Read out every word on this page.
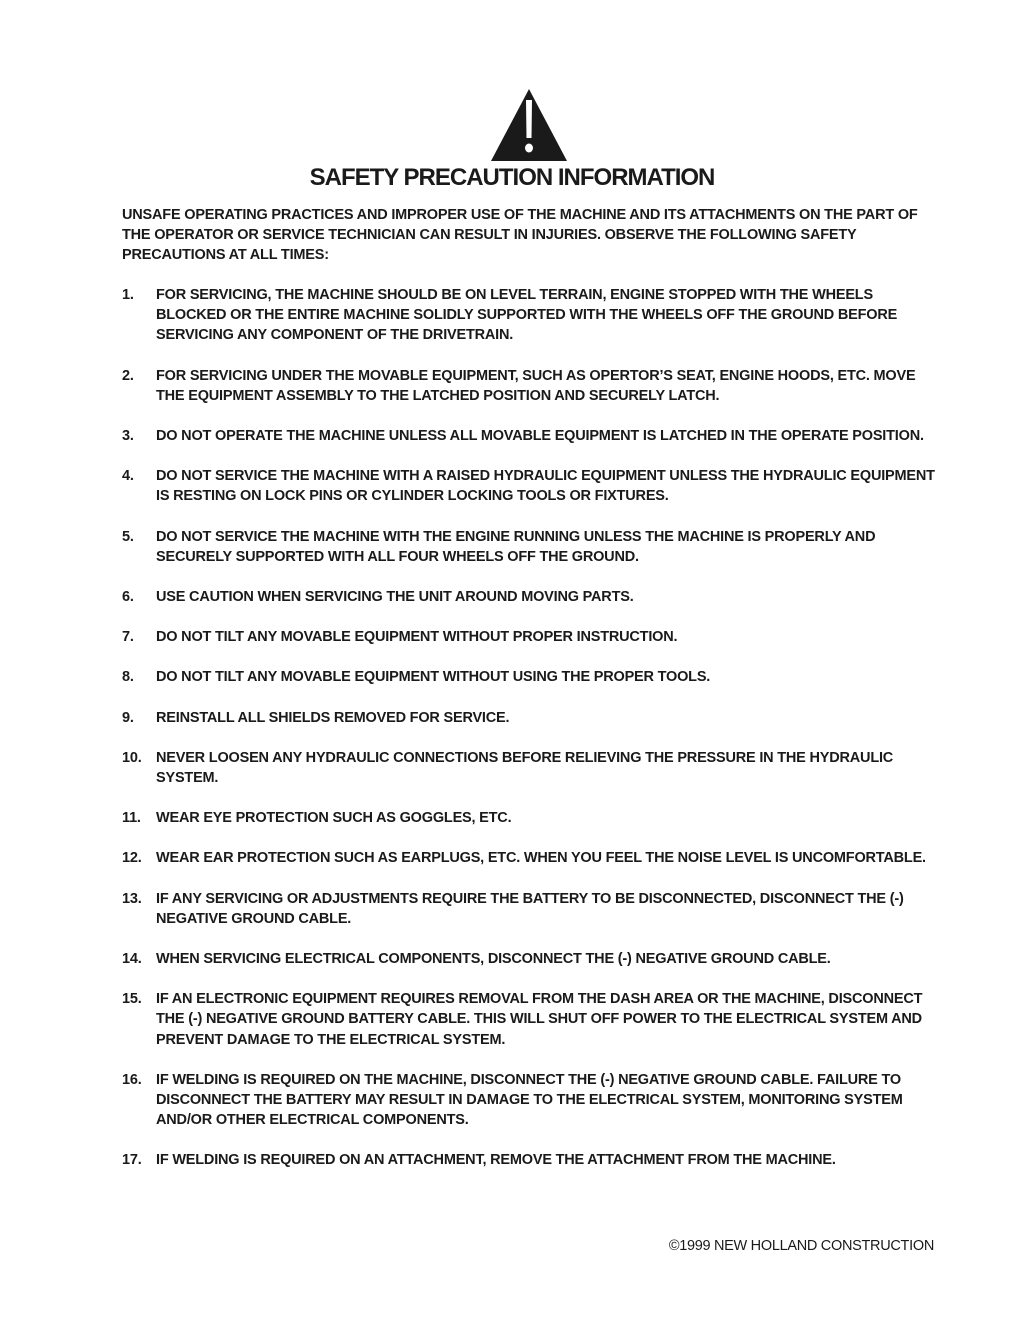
SAFETY PRECAUTION INFORMATION
UNSAFE OPERATING PRACTICES AND IMPROPER USE OF THE MACHINE AND ITS ATTACHMENTS ON THE PART OF THE OPERATOR OR SERVICE TECHNICIAN CAN RESULT IN INJURIES. OBSERVE THE FOLLOWING SAFETY PRECAUTIONS AT ALL TIMES:
1.	FOR SERVICING, THE MACHINE SHOULD BE ON LEVEL TERRAIN, ENGINE STOPPED WITH THE WHEELS BLOCKED OR THE ENTIRE MACHINE SOLIDLY SUPPORTED WITH THE WHEELS OFF THE GROUND BEFORE SERVICING ANY COMPONENT OF THE DRIVETRAIN.
2.	FOR SERVICING UNDER THE MOVABLE EQUIPMENT, SUCH AS OPERTOR’S SEAT, ENGINE HOODS, ETC. MOVE THE EQUIPMENT ASSEMBLY TO THE LATCHED POSITION AND SECURELY LATCH.
3.	DO NOT OPERATE THE MACHINE UNLESS ALL MOVABLE EQUIPMENT IS LATCHED IN THE OPERATE POSITION.
4.	DO NOT SERVICE THE MACHINE WITH A RAISED HYDRAULIC EQUIPMENT UNLESS THE HYDRAULIC EQUIPMENT IS RESTING ON LOCK PINS OR CYLINDER LOCKING TOOLS OR FIXTURES.
5.	DO NOT SERVICE THE MACHINE WITH THE ENGINE RUNNING UNLESS THE MACHINE IS PROPERLY AND SECURELY SUPPORTED WITH ALL FOUR WHEELS OFF THE GROUND.
6.	USE CAUTION WHEN SERVICING THE UNIT AROUND MOVING PARTS.
7.	DO NOT TILT ANY MOVABLE EQUIPMENT WITHOUT PROPER INSTRUCTION.
8.	DO NOT TILT ANY MOVABLE EQUIPMENT WITHOUT USING THE PROPER TOOLS.
9.	REINSTALL ALL SHIELDS REMOVED FOR SERVICE.
10. NEVER LOOSEN ANY HYDRAULIC CONNECTIONS BEFORE RELIEVING THE PRESSURE IN THE HYDRAULIC SYSTEM.
11.	WEAR EYE PROTECTION SUCH AS GOGGLES, ETC.
12. WEAR EAR PROTECTION SUCH AS EARPLUGS, ETC. WHEN YOU FEEL THE NOISE LEVEL IS UNCOMFORTABLE.
13. IF ANY SERVICING OR ADJUSTMENTS REQUIRE THE BATTERY TO BE DISCONNECTED, DISCONNECT THE (-) NEGATIVE GROUND CABLE.
14. WHEN SERVICING ELECTRICAL COMPONENTS, DISCONNECT THE (-) NEGATIVE GROUND CABLE.
15. IF AN ELECTRONIC EQUIPMENT REQUIRES REMOVAL FROM THE DASH AREA OR THE MACHINE, DISCONNECT THE (-) NEGATIVE GROUND BATTERY CABLE. THIS WILL SHUT OFF POWER TO THE ELECTRICAL SYSTEM AND PREVENT DAMAGE TO THE ELECTRICAL SYSTEM.
16. IF WELDING IS REQUIRED ON THE MACHINE, DISCONNECT THE (-) NEGATIVE GROUND CABLE. FAILURE TO DISCONNECT THE BATTERY MAY RESULT IN DAMAGE TO THE ELECTRICAL SYSTEM, MONITORING SYSTEM AND/OR OTHER ELECTRICAL COMPONENTS.
17. IF WELDING IS REQUIRED ON AN ATTACHMENT, REMOVE THE ATTACHMENT FROM THE MACHINE.
©1999 NEW HOLLAND CONSTRUCTION
